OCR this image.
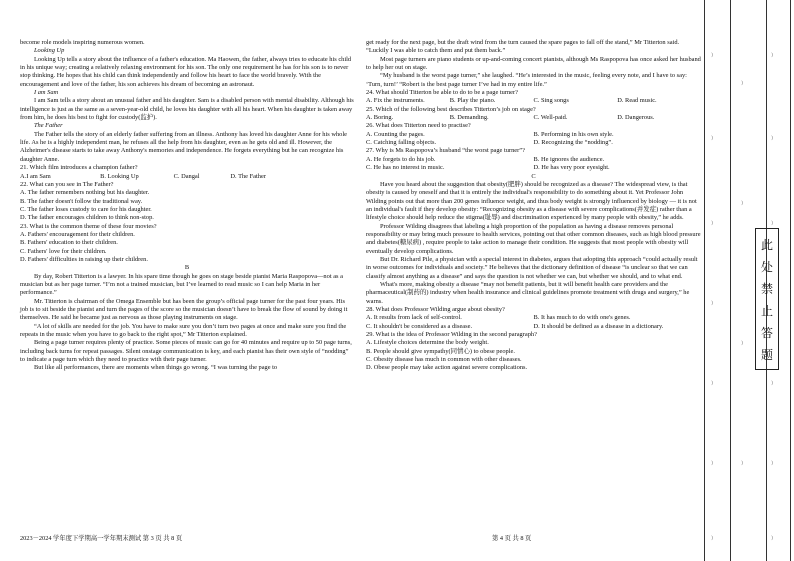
become role models inspiring numerous women.

Looking Up

Looking Up tells a story about the influence of a father's education. Ma Haowen, the father, always tries to educate his child in his unique way; creating a relatively relaxing environment for his son. The only one requirement he has for his son is to never stop thinking. He hopes that his child can think independently and follow his heart to face the world bravely. With the encouragement and love of the father, his son achieves his dream of becoming an astronaut.

I am Sam

I am Sam tells a story about an unusual father and his daughter. Sam is a disabled person with mental disability. Although his intelligence is just as the same as a seven-year-old child, he loves his daughter with all his heart. When his daughter is taken away from him, he does his best to fight for custody(监护).

The Father

The Father tells the story of an elderly father suffering from an illness. Anthony has loved his daughter Anne for his whole life. As he is a highly independent man, he refuses all the help from his daughter, even as he gets old and ill. However, the Alzheimer's disease starts to take away Anthony's memories and independence. He forgets everything but he can recognize his daughter Anne.

21. Which film introduces a champion father?

A.I am Sam	B. Looking Up	C. Dangal	D. The Father

22. What can you see in The Father?

A. The father remembers nothing but his daughter.

B. The father doesn't follow the traditional way.

C. The father loses custody to care for his daughter.

D. The father encourages children to think non-stop.

23. What is the common theme of these four movies?

A. Fathers' encouragement for their children.

B. Fathers' education to their children.

C. Fathers' love for their children.

D. Fathers' difficulties in raising up their children.

B

By day, Robert Titterton is a lawyer. In his spare time though he goes on stage beside pianist Maria Raspopova—not as a musician but as her page turner. “I’m not a trained musician, but I’ve learned to read music so I can help Maria in her performance.”

Mr. Titterton is chairman of the Omega Ensemble but has been the group’s official page turner for the past four years. His job is to sit beside the pianist and turn the pages of the score so the musician doesn’t have to break the flow of sound by doing it themselves. He said he became just as nervous as those playing instruments on stage.

“A lot of skills are needed for the job. You have to make sure you don’t turn two pages at once and make sure you find the repeats in the music when you have to go back to the right spot,” Mr Titterton explained.

Being a page turner requires plenty of practice. Some pieces of music can go for 40 minutes and require up to 50 page turns, including back turns for repeat passages. Silent onstage communication is key, and each pianist has their own style of “nodding” to indicate a page turn which they need to practice with their page turner.

But like all performances, there are moments when things go wrong. “I was turning the page to

get ready for the next page, but the draft wind from the turn caused the spare pages to fall off the stand,” Mr Titterton said. “Luckily I was able to catch them and put them back.”

Most page turners are piano students or up-and-coming concert pianists, although Ms Raspopova has once asked her husband to help her out on stage.

“My husband is the worst page turner,” she laughed. “He’s interested in the music, feeling every note, and I have to say: ‘Turn, turn!’ “Robert is the best page turner I’ve had in my entire life.”

24. What should Titterton be able to do to be a page turner?

A. Fix the instruments.	B. Play the piano.	C. Sing songs	D. Read music.

25. Which of the following best describes Titterton’s job on stage?

A. Boring.	B. Demanding.	C. Well-paid.	D. Dangerous.

26. What does Titterton need to practise?

A. Counting the pages.	B. Performing in his own style.
C. Catching falling objects.	D. Recognizing the “nodding”.

27. Why is Ms Raspopova’s husband “the worst page turner”?

A. He forgets to do his job.	B. He ignores the audience.
C. He has no interest in music.	D. He has very poor eyesight.

C

Have you heard about the suggestion that obesity(肥胖) should be recognized as a disease? The widespread view, is that obesity is caused by oneself and that it is entirely the individual's responsibility to do something about it. Yet Professor John Wilding points out that more than 200 genes influence weight, and thus body weight is strongly influenced by biology — it is not an individual's fault if they develop obesity: “Recognizing obesity as a disease with severe complications(并发症) rather than a lifestyle choice should help reduce the stigma(耻辱) and discrimination experienced by many people with obesity,” he adds.

Professor Wilding disagrees that labeling a high proportion of the population as having a disease removes personal responsibility or may bring much pressure to health services, pointing out that other common diseases, such as high blood pressure and diabetes(糖尿病) , require people to take action to manage their condition. He suggests that most people with obesity will eventually develop complications.

But Dr. Richard Pile, a physician with a special interest in diabetes, argues that adopting this approach “could actually result in worse outcomes for individuals and society.” He believes that the dictionary definition of disease “is unclear so that we can classify almost anything as a disease” and says the question is not whether we can, but whether we should, and to what end.

What's more, making obesity a disease “may not benefit patients, but it will benefit health care providers and the pharmaceutical(制药的) industry when health insurance and clinical guidelines promote treatment with drugs and surgery,” he warns.

28. What does Professor Wilding argue about obesity?

A. It results from lack of self-control.	B. It has much to do with one's genes.
C. It shouldn't be considered as a disease.	D. It should be defined as a disease in a dictionary.

29. What is the idea of Professor Wilding in the second paragraph?

A. Lifestyle choices determine the body weight.

B. People should give sympathy(同情心) to obese people.

C. Obesity disease has much in common with other diseases.

D. Obese people may take action against severe complications.

2023－2024 学年度下学期高一学年期末测试 第 3 页 共 8 页	第 4 页 共 8 页
）
）
）
）
）
）
）
）
）
）
）
）
）
）
）
）
）
此
处
禁
止
答
题
